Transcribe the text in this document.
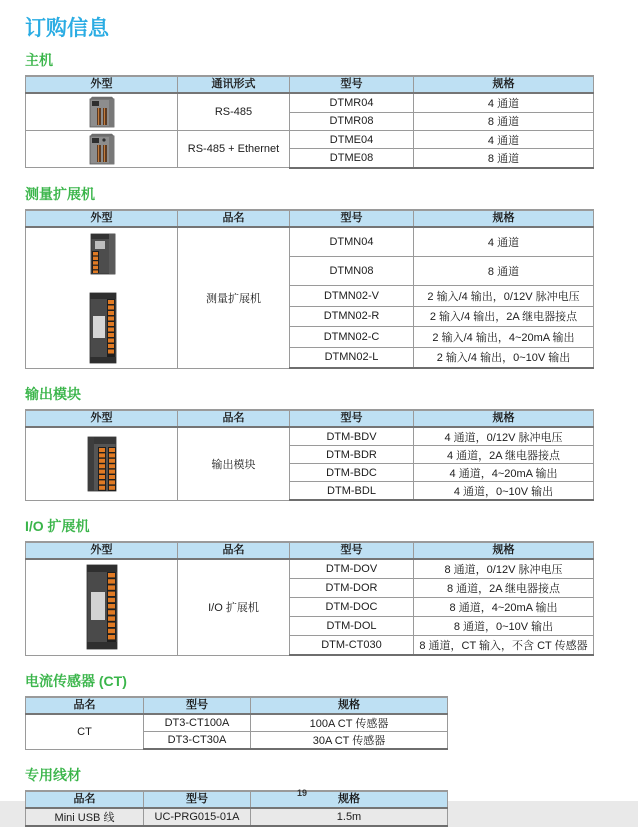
订购信息
主机
外型	通讯形式	型号	规格

	RS-485	DTMR04	4 通道
		DTMR08	8 通道

	RS-485 + Ethernet	DTME04	4 通道
		DTME08	8 通道
测量扩展机
外型	品名	型号	规格

	测量扩展机	DTMN04	4 通道
		DTMN08	8 通道
		DTMN02-V	2 输入/4 输出，0/12V 脉冲电压
		DTMN02-R	2 输入/4 输出，2A 继电器接点
		DTMN02-C	2 输入/4 输出，4~20mA 输出
		DTMN02-L	2 输入/4 输出，0~10V 输出
输出模块
外型	品名	型号	规格

	输出模块	DTM-BDV	4 通道，0/12V 脉冲电压
		DTM-BDR	4 通道，2A 继电器接点
		DTM-BDC	4 通道，4~20mA 输出
		DTM-BDL	4 通道，0~10V 输出
I/O 扩展机
外型	品名	型号	规格

	I/O 扩展机	DTM-DOV	8 通道，0/12V 脉冲电压
		DTM-DOR	8 通道，2A 继电器接点
		DTM-DOC	8 通道，4~20mA 输出
		DTM-DOL	8 通道，0~10V 输出
		DTM-CT030	8 通道，CT 输入，不含 CT 传感器
电流传感器 (CT)
品名	型号	规格
CT	DT3-CT100A	100A CT 传感器
	DT3-CT30A	30A CT 传感器
专用线材
品名	型号	规格
Mini USB 线	UC-PRG015-01A	1.5m
19
